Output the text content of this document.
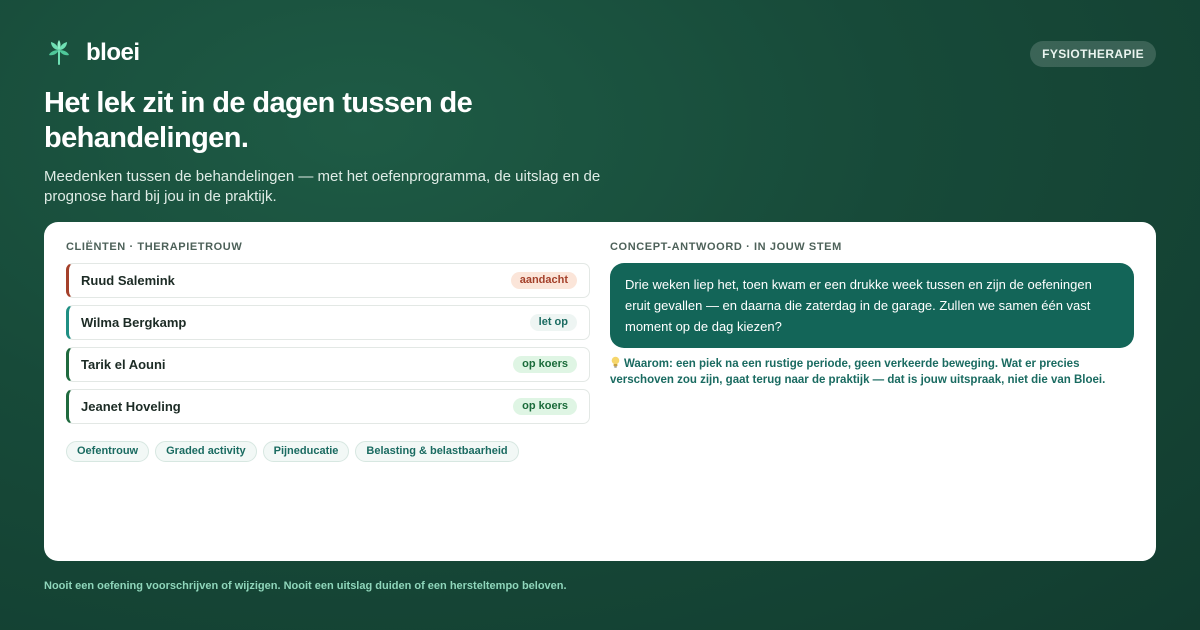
bloei	FYSIOTHERAPIE
Het lek zit in de dagen tussen de behandelingen.

Meedenken tussen de behandelingen — met het oefenprogramma, de uitslag en de prognose hard bij jou in de praktijk.

CLIËNTEN · THERAPIETROUW
Ruud Salemink	aandacht
Wilma Bergkamp	let op
Tarik el Aouni	op koers
Jeanet Hoveling	op koers
Oefentrouw	Graded activity	Pijneducatie	Belasting & belastbaarheid
CONCEPT-ANTWOORD · IN JOUW STEM
Drie weken liep het, toen kwam er een drukke week tussen en zijn de oefeningen eruit gevallen — en daarna die zaterdag in de garage. Zullen we samen één vast moment op de dag kiezen?
Waarom: een piek na een rustige periode, geen verkeerde beweging. Wat er precies verschoven zou zijn, gaat terug naar de praktijk — dat is jouw uitspraak, niet die van Bloei.
Nooit een oefening voorschrijven of wijzigen. Nooit een uitslag duiden of een hersteltempo beloven.
